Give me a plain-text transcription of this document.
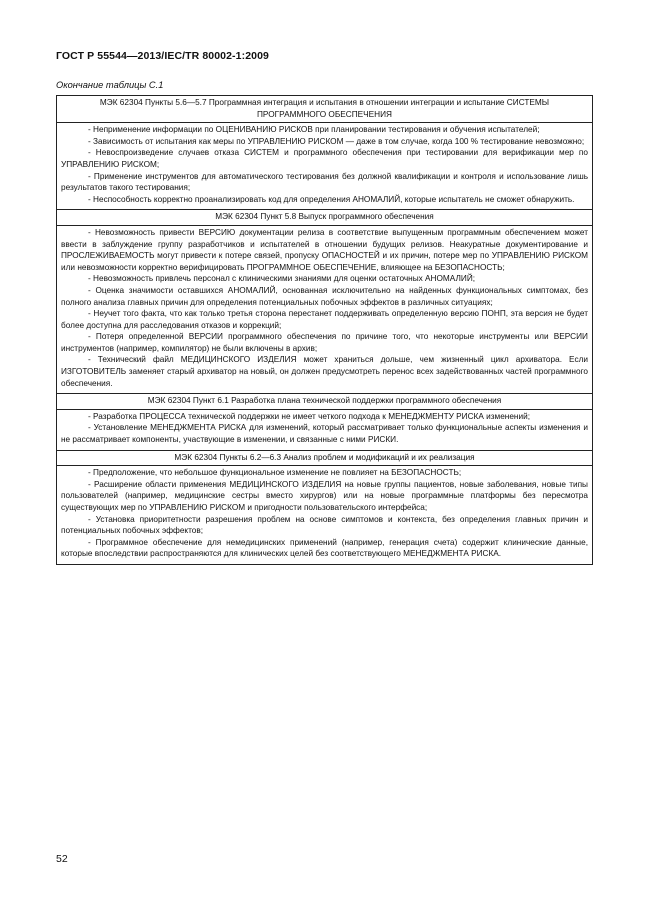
ГОСТ Р 55544—2013/IEC/TR 80002-1:2009
Окончание таблицы С.1
МЭК 62304 Пункты 5.6—5.7 Программная интеграция и испытания в отношении интеграции и испытание СИСТЕМЫ ПРОГРАММНОГО ОБЕСПЕЧЕНИЯ

- Неприменение информации по ОЦЕНИВАНИЮ РИСКОВ при планировании тестирования и обучения испытателей;

- Зависимость от испытания как меры по УПРАВЛЕНИЮ РИСКОМ — даже в том случае, когда 100 % тестирование невозможно;

- Невоспроизведение случаев отказа СИСТЕМ и программного обеспечения при тестировании для верификации мер по УПРАВЛЕНИЮ РИСКОМ;

- Применение инструментов для автоматического тестирования без должной квалификации и контроля и использование лишь результатов такого тестирования;

- Неспособность корректно проанализировать код для определения АНОМАЛИЙ, которые испытатель не сможет обнаружить.

МЭК 62304 Пункт 5.8 Выпуск программного обеспечения

- Невозможность привести ВЕРСИЮ документации релиза в соответствие выпущенным программным обеспечением может ввести в заблуждение группу разработчиков и испытателей в отношении будущих релизов. Неакуратные документирование и ПРОСЛЕЖИВАЕМОСТЬ могут привести к потере связей, пропуску ОПАСНОСТЕЙ и их причин, потере мер по УПРАВЛЕНИЮ РИСКОМ или невозможности корректно верифицировать ПРОГРАММНОЕ ОБЕСПЕЧЕНИЕ, влияющее на БЕЗОПАСНОСТЬ;

- Невозможность привлечь персонал с клиническими знаниями для оценки остаточных АНОМАЛИЙ;

- Оценка значимости оставшихся АНОМАЛИЙ, основанная исключительно на найденных функциональных симптомах, без полного анализа главных причин для определения потенциальных побочных эффектов в различных ситуациях;

- Неучет того факта, что как только третья сторона перестанет поддерживать определенную версию ПОНП, эта версия не будет более доступна для расследования отказов и коррекций;

- Потеря определенной ВЕРСИИ программного обеспечения по причине того, что некоторые инструменты или ВЕРСИИ инструментов (например, компилятор) не были включены в архив;

- Технический файл МЕДИЦИНСКОГО ИЗДЕЛИЯ может храниться дольше, чем жизненный цикл архиватора. Если ИЗГОТОВИТЕЛЬ заменяет старый архиватор на новый, он должен предусмотреть перенос всех задействованных частей программного обеспечения.

МЭК 62304 Пункт 6.1 Разработка плана технической поддержки программного обеспечения

- Разработка ПРОЦЕССА технической поддержки не имеет четкого подхода к МЕНЕДЖМЕНТУ РИСКА изменений;

- Установление МЕНЕДЖМЕНТА РИСКА для изменений, который рассматривает только функциональные аспекты изменения и не рассматривает компоненты, участвующие в изменении, и связанные с ними РИСКИ.

МЭК 62304 Пункты 6.2—6.3 Анализ проблем и модификаций и их реализация

- Предположение, что небольшое функциональное изменение не повлияет на БЕЗОПАСНОСТЬ;

- Расширение области применения МЕДИЦИНСКОГО ИЗДЕЛИЯ на новые группы пациентов, новые заболевания, новые типы пользователей (например, медицинские сестры вместо хирургов) или на новые программные платформы без пересмотра существующих мер по УПРАВЛЕНИЮ РИСКОМ и пригодности пользовательского интерфейса;

- Установка приоритетности разрешения проблем на основе симптомов и контекста, без определения главных причин и потенциальных побочных эффектов;

- Программное обеспечение для немедицинских применений (например, генерация счета) содержит клинические данные, которые впоследствии распространяются для клинических целей без соответствующего МЕНЕДЖМЕНТА РИСКА.

52
